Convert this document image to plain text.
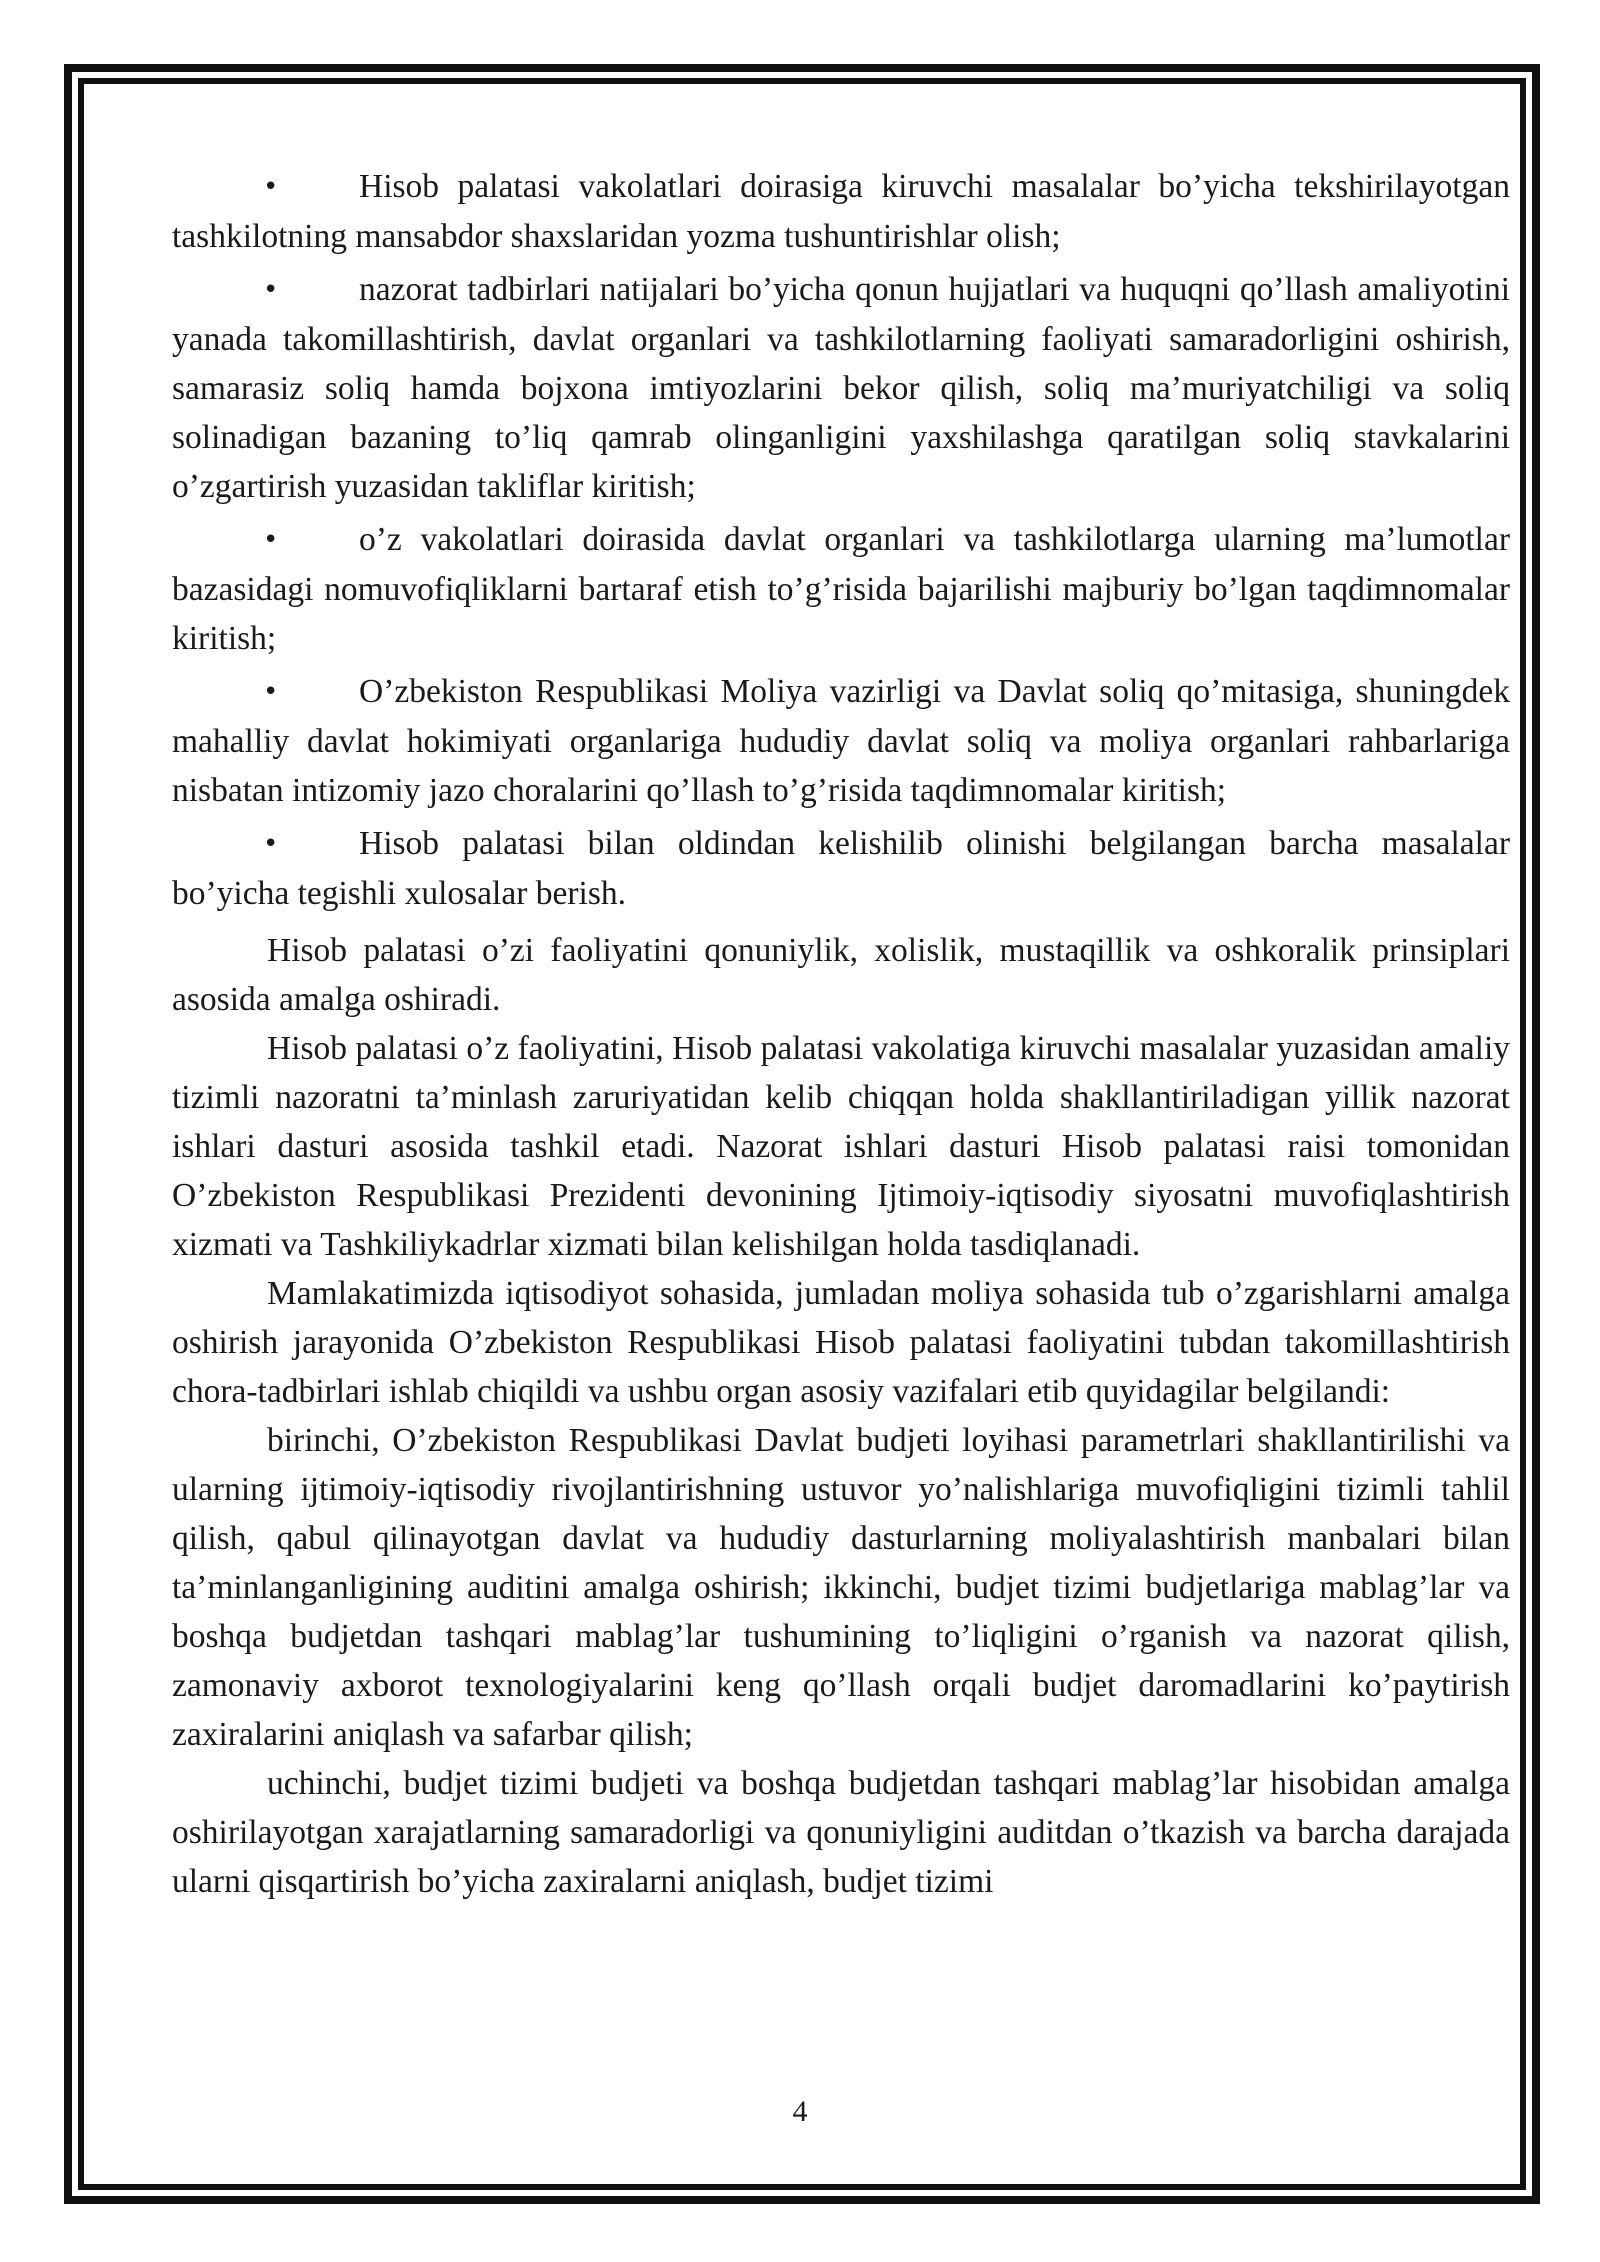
• Hisob palatasi vakolatlari doirasiga kiruvchi masalalar bo’yicha tekshirilayotgan tashkilotning mansabdor shaxslaridan yozma tushuntirishlar olish;

• nazorat tadbirlari natijalari bo’yicha qonun hujjatlari va huquqni qo’llash amaliyotini yanada takomillashtirish, davlat organlari va tashkilotlarning faoliyati samaradorligini oshirish, samarasiz soliq hamda bojxona imtiyozlarini bekor qilish, soliq ma’muriyatchiligi va soliq solinadigan bazaning to’liq qamrab olinganligini yaxshilashga qaratilgan soliq stavkalarini o’zgartirish yuzasidan takliflar kiritish;

• o’z vakolatlari doirasida davlat organlari va tashkilotlarga ularning ma’lumotlar bazasidagi nomuvofiqliklarni bartaraf etish to’g’risida bajarilishi majburiy bo’lgan taqdimnomalar kiritish;

• O’zbekiston Respublikasi Moliya vazirligi va Davlat soliq qo’mitasiga, shuningdek mahalliy davlat hokimiyati organlariga hududiy davlat soliq va moliya organlari rahbarlariga nisbatan intizomiy jazo choralarini qo’llash to’g’risida taqdimnomalar kiritish;

• Hisob palatasi bilan oldindan kelishilib olinishi belgilangan barcha masalalar bo’yicha tegishli xulosalar berish.

Hisob palatasi o’zi faoliyatini qonuniylik, xolislik, mustaqillik va oshkoralik prinsiplari asosida amalga oshiradi.

Hisob palatasi o’z faoliyatini, Hisob palatasi vakolatiga kiruvchi masalalar yuzasidan amaliy tizimli nazoratni ta’minlash zaruriyatidan kelib chiqqan holda shakllantiriladigan yillik nazorat ishlari dasturi asosida tashkil etadi. Nazorat ishlari dasturi Hisob palatasi raisi tomonidan O’zbekiston Respublikasi Prezidenti devonining Ijtimoiy-iqtisodiy siyosatni muvofiqlashtirish xizmati va Tashkiliykadrlar xizmati bilan kelishilgan holda tasdiqlanadi.

Mamlakatimizda iqtisodiyot sohasida, jumladan moliya sohasida tub o’zgarishlarni amalga oshirish jarayonida O’zbekiston Respublikasi Hisob palatasi faoliyatini tubdan takomillashtirish chora-tadbirlari ishlab chiqildi va ushbu organ asosiy vazifalari etib quyidagilar belgilandi:

birinchi, O’zbekiston Respublikasi Davlat budjeti loyihasi parametrlari shakllantirilishi va ularning ijtimoiy-iqtisodiy rivojlantirishning ustuvor yo’nalishlariga muvofiqligini tizimli tahlil qilish, qabul qilinayotgan davlat va hududiy dasturlarning moliyalashtirish manbalari bilan ta’minlanganligining auditini amalga oshirish; ikkinchi, budjet tizimi budjetlariga mablag’lar va boshqa budjetdan tashqari mablag’lar tushumining to’liqligini o’rganish va nazorat qilish, zamonaviy axborot texnologiyalarini keng qo’llash orqali budjet daromadlarini ko’paytirish zaxiralarini aniqlash va safarbar qilish;

uchinchi, budjet tizimi budjeti va boshqa budjetdan tashqari mablag’lar hisobidan amalga oshirilayotgan xarajatlarning samaradorligi va qonuniyligini auditdan o’tkazish va barcha darajada ularni qisqartirish bo’yicha zaxiralarni aniqlash, budjet tizimi

4
